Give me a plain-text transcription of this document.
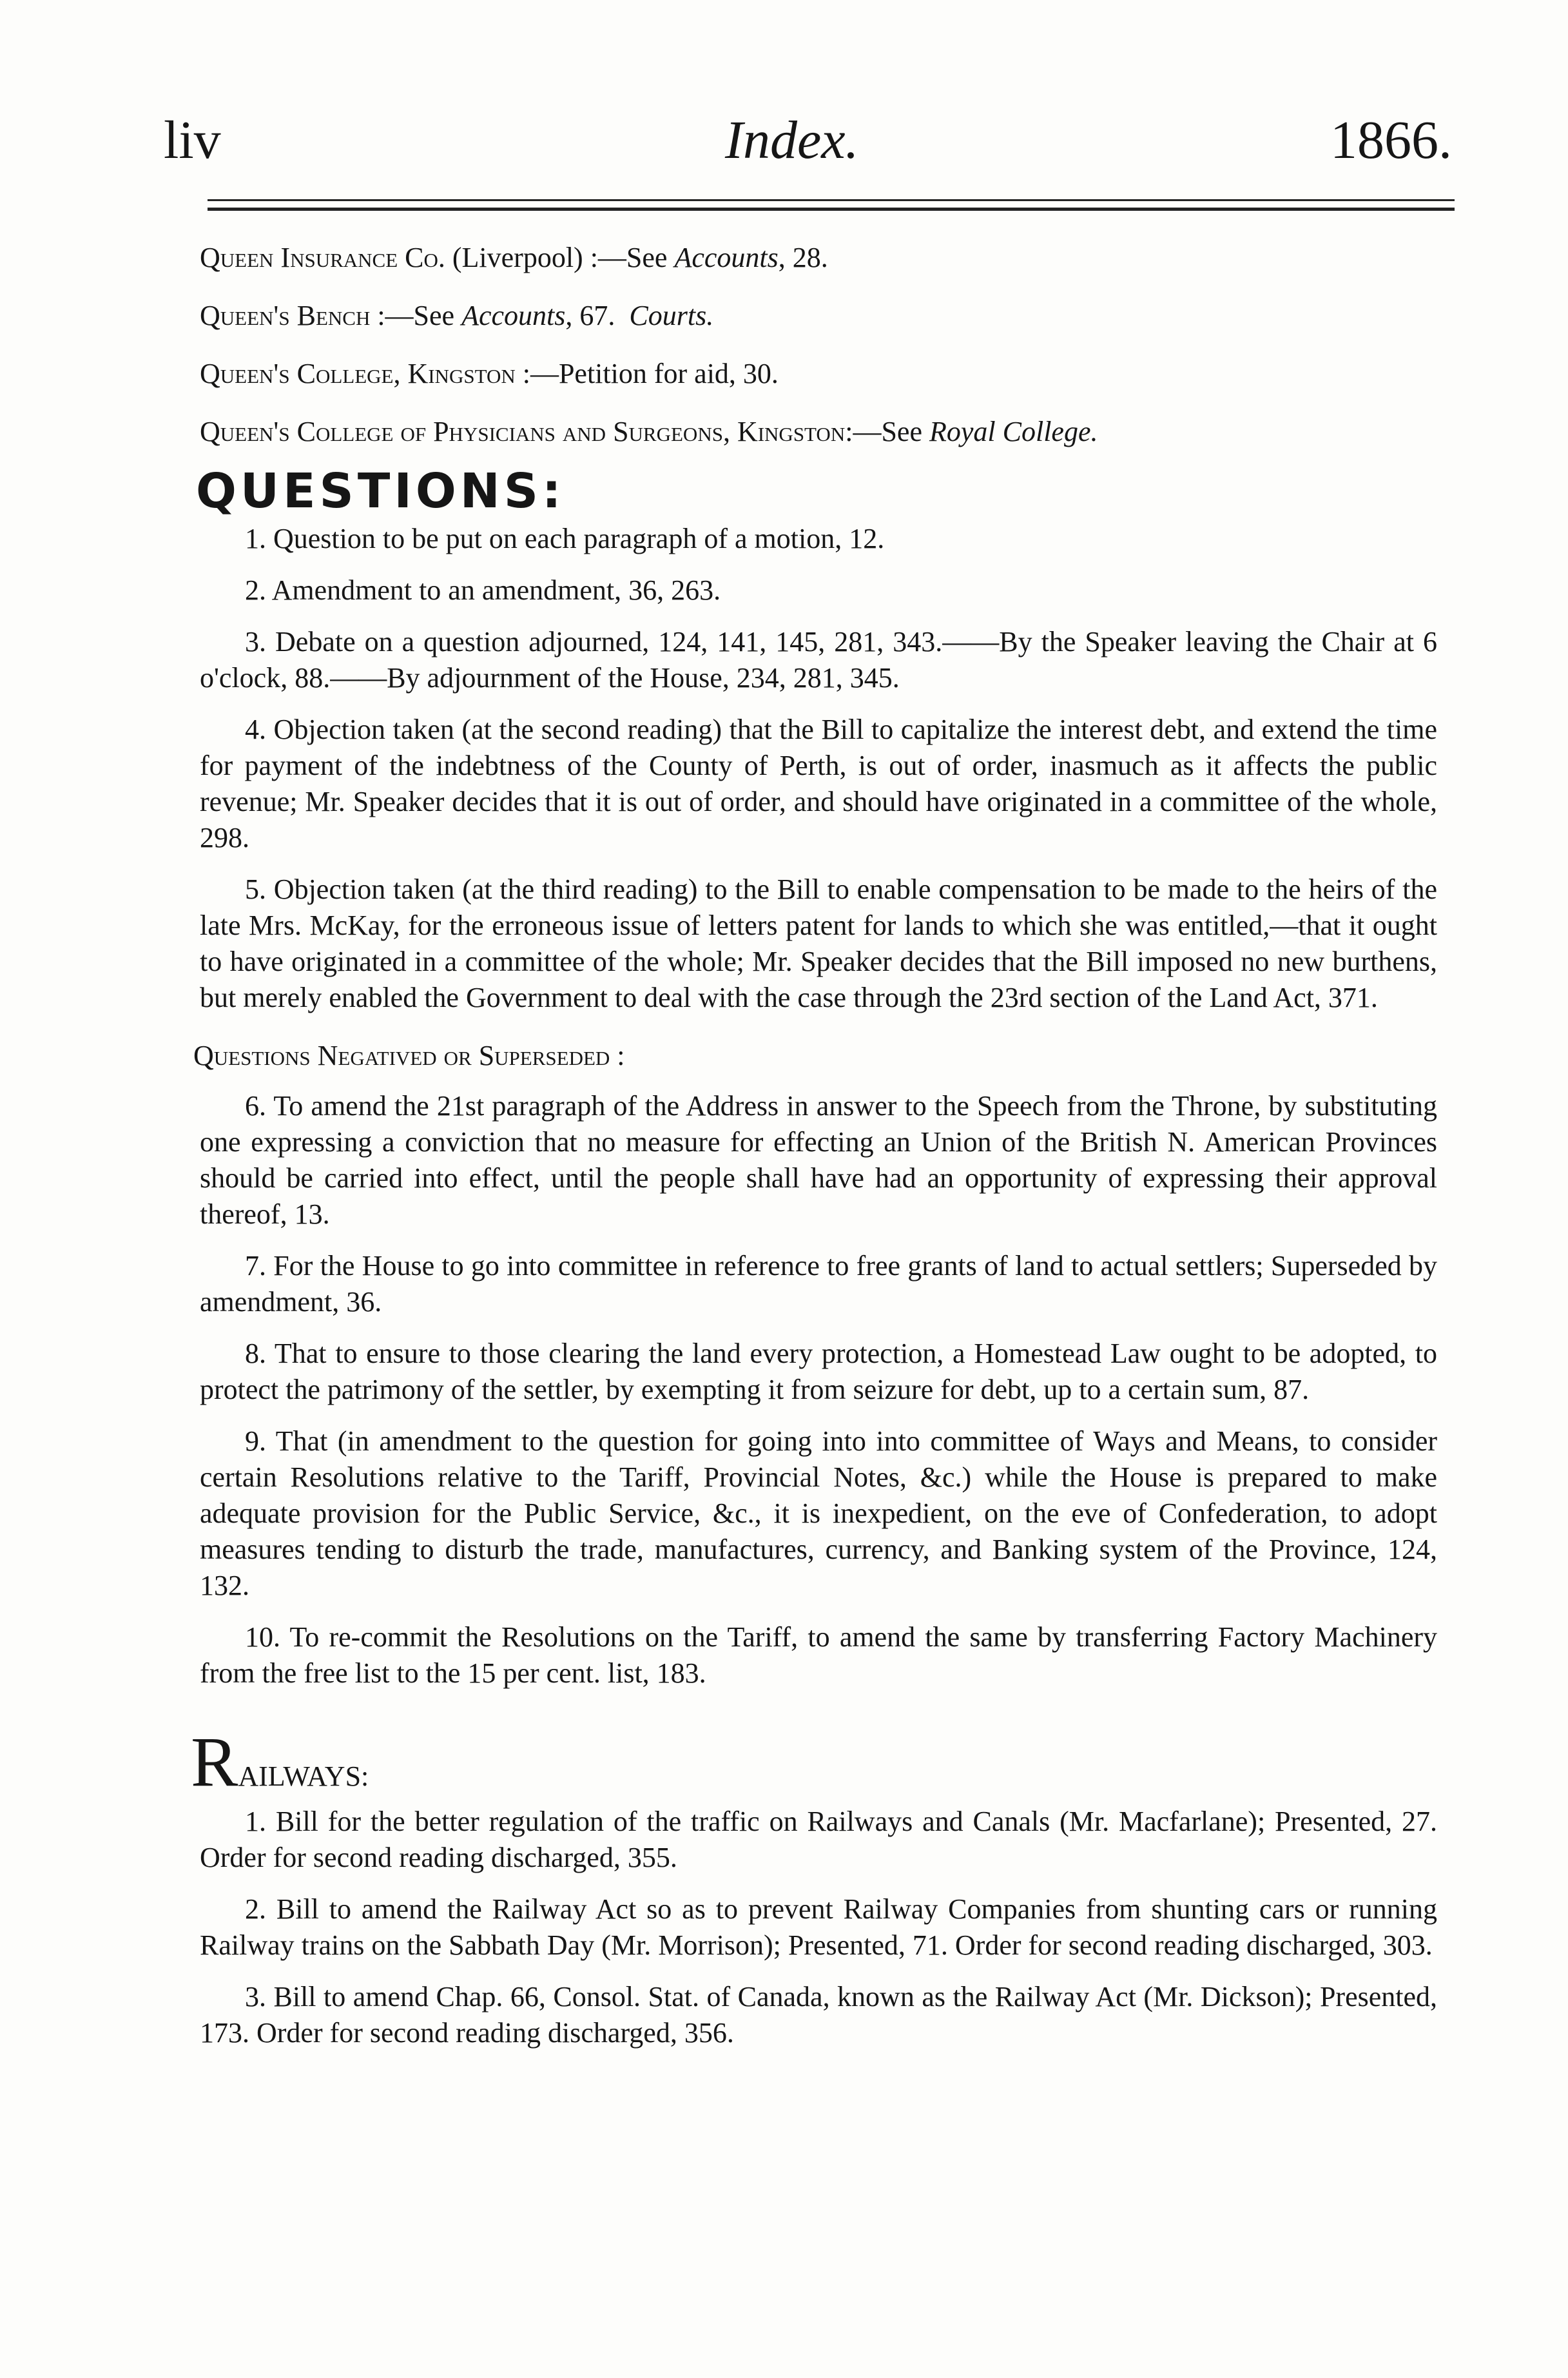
liv	Index.	1866.

Queen Insurance Co. (Liverpool) :—See Accounts, 28.

Queen's Bench :—See Accounts, 67.  Courts.

Queen's College, Kingston :—Petition for aid, 30.

Queen's College of Physicians and Surgeons, Kingston:—See Royal College.

QUESTIONS:

1. Question to be put on each paragraph of a motion, 12.

2. Amendment to an amendment, 36, 263.

3. Debate on a question adjourned, 124, 141, 145, 281, 343.——By the Speaker leaving the Chair at 6 o'clock, 88.——By adjournment of the House, 234, 281, 345.

4. Objection taken (at the second reading) that the Bill to capitalize the interest debt, and extend the time for payment of the indebtness of the County of Perth, is out of order, inasmuch as it affects the public revenue; Mr. Speaker decides that it is out of order, and should have originated in a committee of the whole, 298.

5. Objection taken (at the third reading) to the Bill to enable compensation to be made to the heirs of the late Mrs. McKay, for the erroneous issue of letters patent for lands to which she was entitled,—that it ought to have originated in a committee of the whole; Mr. Speaker decides that the Bill imposed no new burthens, but merely enabled the Government to deal with the case through the 23rd section of the Land Act, 371.

Questions Negatived or Superseded :

6. To amend the 21st paragraph of the Address in answer to the Speech from the Throne, by substituting one expressing a conviction that no measure for effecting an Union of the British N. American Provinces should be carried into effect, until the people shall have had an opportunity of expressing their approval thereof, 13.

7. For the House to go into committee in reference to free grants of land to actual settlers; Superseded by amendment, 36.

8. That to ensure to those clearing the land every protection, a Homestead Law ought to be adopted, to protect the patrimony of the settler, by exempting it from seizure for debt, up to a certain sum, 87.

9. That (in amendment to the question for going into into committee of Ways and Means, to consider certain Resolutions relative to the Tariff, Provincial Notes, &c.) while the House is prepared to make adequate provision for the Public Service, &c., it is inexpedient, on the eve of Confederation, to adopt measures tending to disturb the trade, manufactures, currency, and Banking system of the Province, 124, 132.

10. To re-commit the Resolutions on the Tariff, to amend the same by transferring Factory Machinery from the free list to the 15 per cent. list, 183.

RAILWAYS:

1. Bill for the better regulation of the traffic on Railways and Canals (Mr. Macfarlane); Presented, 27. Order for second reading discharged, 355.

2. Bill to amend the Railway Act so as to prevent Railway Companies from shunting cars or running Railway trains on the Sabbath Day (Mr. Morrison); Presented, 71. Order for second reading discharged, 303.

3. Bill to amend Chap. 66, Consol. Stat. of Canada, known as the Railway Act (Mr. Dickson); Presented, 173. Order for second reading discharged, 356.
